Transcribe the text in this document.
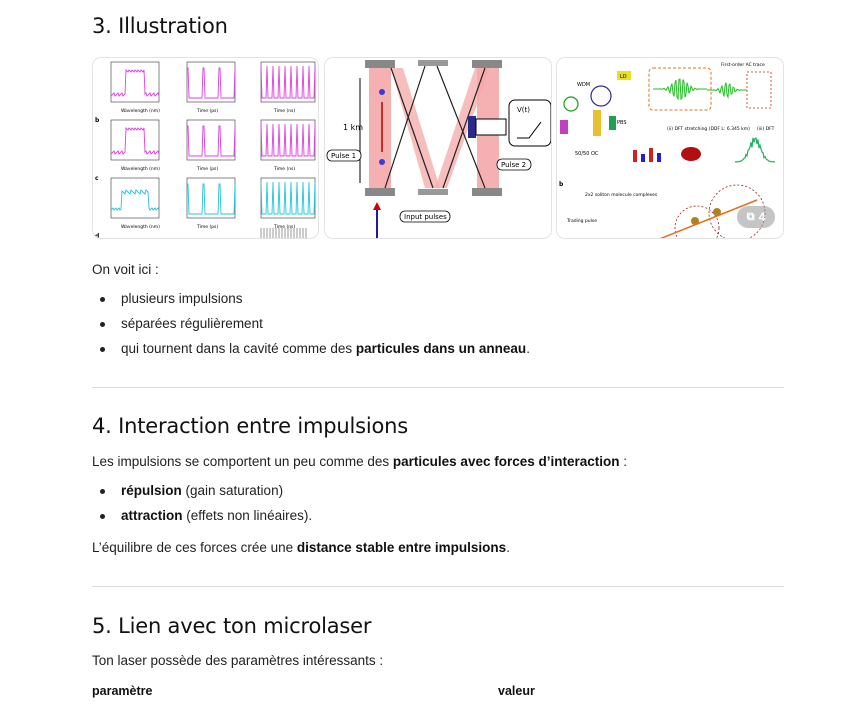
3. Illustration
Wavelength (nm)	Time (ps)	Time (ns)
Wavelength (nm)	Time (ps)	Time (ns)
b
Wavelength (nm)	Time (ps)	Time (ns)
c
d
1 km
Pulse 1
Pulse 2
V(t)
Input pulses
WDM
LD
PBS
50/50 OC
First-order AC trace
(ii) DFT stretching (DDF L: 6.345 km) (iii) DFT
b
2x2 soliton molecule complexes
Trading pulse	⧉ 4

On voit ici :

plusieurs impulsions
séparées régulièrement
qui tournent dans la cavité comme des particules dans un anneau.
4. Interaction entre impulsions

Les impulsions se comportent un peu comme des particules avec forces d’interaction :

répulsion (gain saturation)
attraction (effets non linéaires).

L’équilibre de ces forces crée une distance stable entre impulsions.

5. Lien avec ton microlaser

Ton laser possède des paramètres intéressants :

paramètre	valeur
